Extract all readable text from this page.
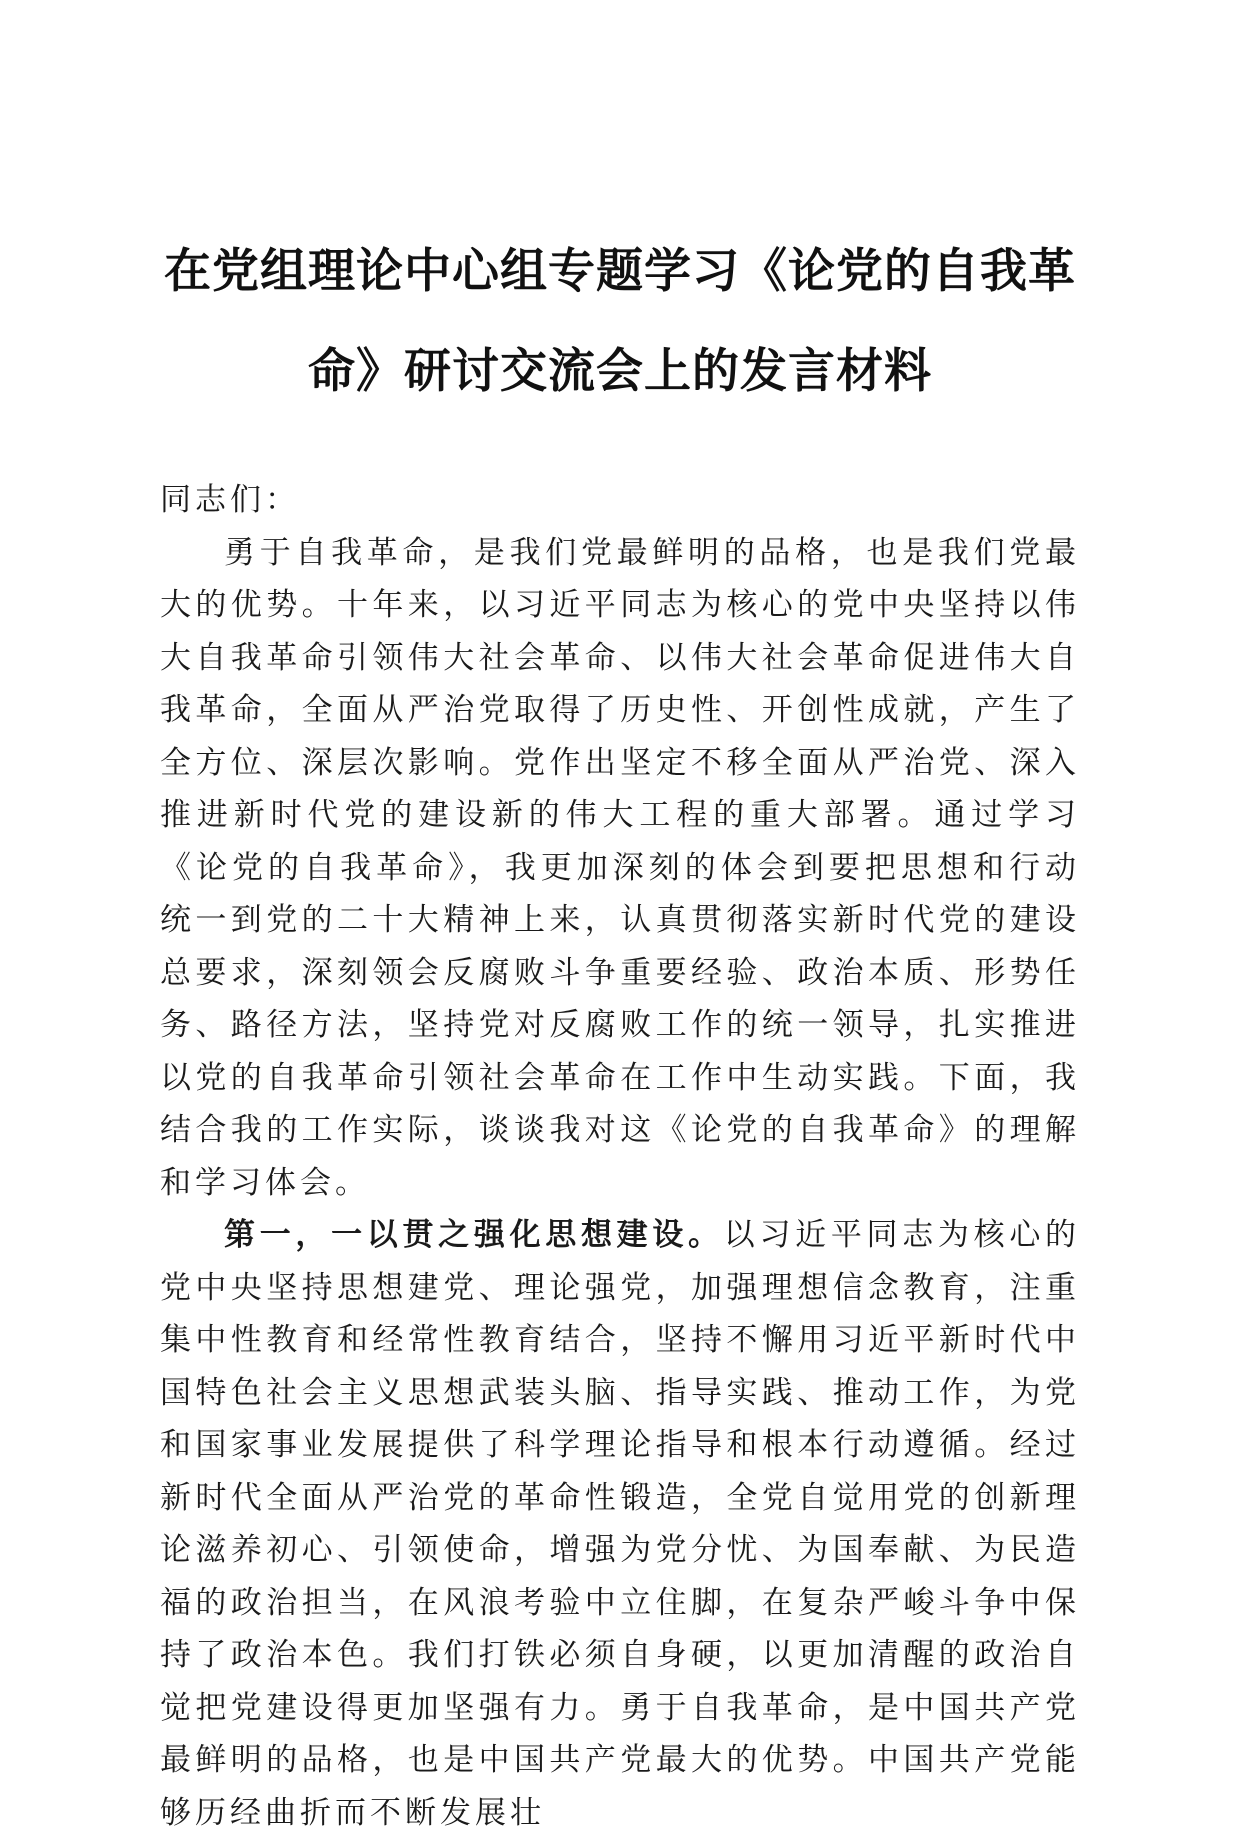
在党组理论中心组专题学习《论党的自我革
命》研讨交流会上的发言材料

同志们：

勇于自我革命，是我们党最鲜明的品格，也是我们党最大的优势。十年来，以习近平同志为核心的党中央坚持以伟大自我革命引领伟大社会革命、以伟大社会革命促进伟大自我革命，全面从严治党取得了历史性、开创性成就，产生了全方位、深层次影响。党作出坚定不移全面从严治党、深入推进新时代党的建设新的伟大工程的重大部署。通过学习《论党的自我革命》，我更加深刻的体会到要把思想和行动统一到党的二十大精神上来，认真贯彻落实新时代党的建设总要求，深刻领会反腐败斗争重要经验、政治本质、形势任务、路径方法，坚持党对反腐败工作的统一领导，扎实推进以党的自我革命引领社会革命在工作中生动实践。下面，我结合我的工作实际，谈谈我对这《论党的自我革命》的理解和学习体会。

第一，一以贯之强化思想建设。以习近平同志为核心的党中央坚持思想建党、理论强党，加强理想信念教育，注重集中性教育和经常性教育结合，坚持不懈用习近平新时代中国特色社会主义思想武装头脑、指导实践、推动工作，为党和国家事业发展提供了科学理论指导和根本行动遵循。经过新时代全面从严治党的革命性锻造，全党自觉用党的创新理论滋养初心、引领使命，增强为党分忧、为国奉献、为民造福的政治担当，在风浪考验中立住脚，在复杂严峻斗争中保持了政治本色。我们打铁必须自身硬，以更加清醒的政治自觉把党建设得更加坚强有力。勇于自我革命，是中国共产党最鲜明的品格，也是中国共产党最大的优势。中国共产党能够历经曲折而不断发展壮
